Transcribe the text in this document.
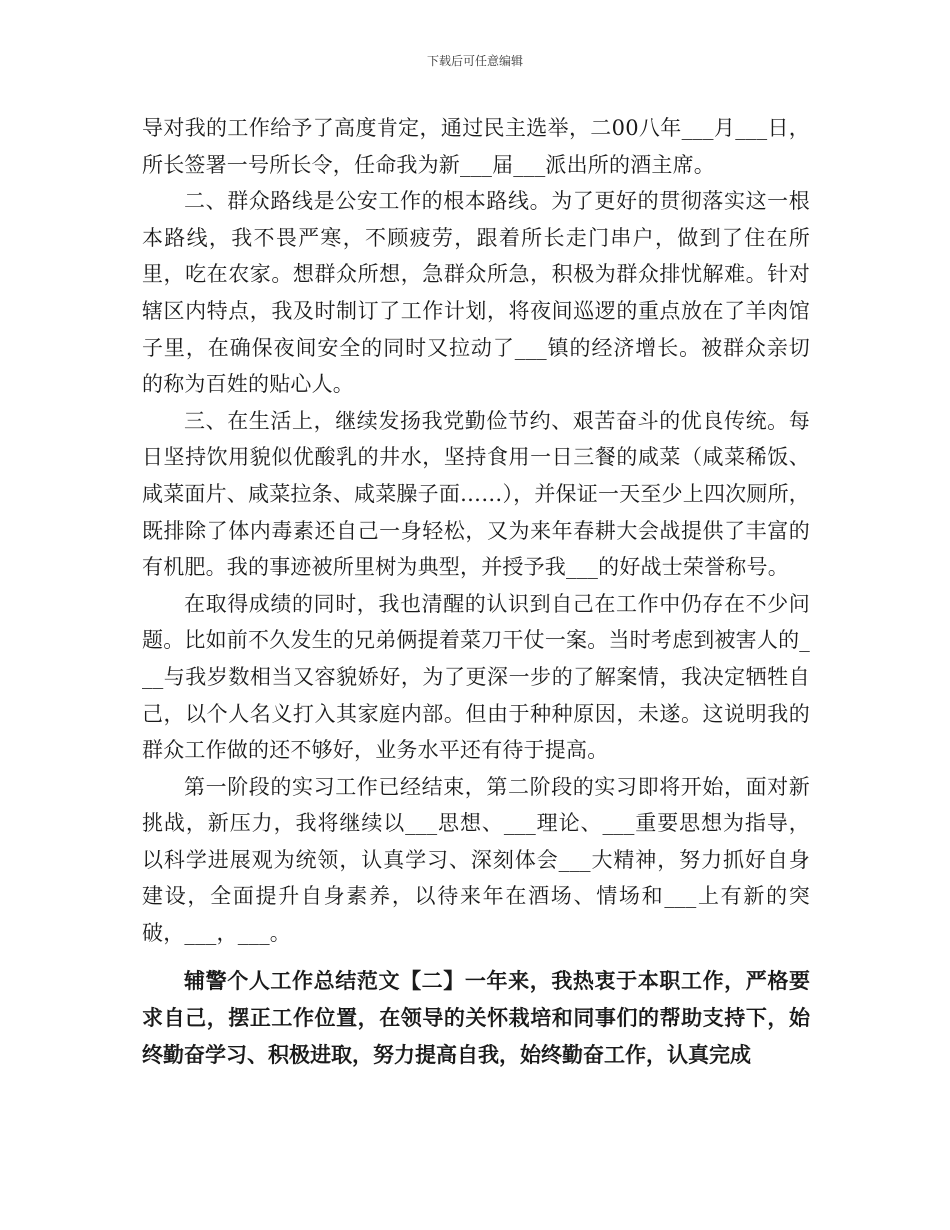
下载后可任意编辑

导对我的工作给予了高度肯定，通过民主选举，二00八年___月___日，所长签署一号所长令，任命我为新___届___派出所的酒主席。

二、群众路线是公安工作的根本路线。为了更好的贯彻落实这一根本路线，我不畏严寒，不顾疲劳，跟着所长走门串户，做到了住在所里，吃在农家。想群众所想，急群众所急，积极为群众排忧解难。针对辖区内特点，我及时制订了工作计划，将夜间巡逻的重点放在了羊肉馆子里，在确保夜间安全的同时又拉动了___镇的经济增长。被群众亲切的称为百姓的贴心人。

三、在生活上，继续发扬我党勤俭节约、艰苦奋斗的优良传统。每日坚持饮用貌似优酸乳的井水，坚持食用一日三餐的咸菜（咸菜稀饭、咸菜面片、咸菜拉条、咸菜臊子面……），并保证一天至少上四次厕所，既排除了体内毒素还自己一身轻松，又为来年春耕大会战提供了丰富的有机肥。我的事迹被所里树为典型，并授予我___的好战士荣誉称号。

在取得成绩的同时，我也清醒的认识到自己在工作中仍存在不少问题。比如前不久发生的兄弟俩提着菜刀干仗一案。当时考虑到被害人的___与我岁数相当又容貌娇好，为了更深一步的了解案情，我决定牺牲自己，以个人名义打入其家庭内部。但由于种种原因，未遂。这说明我的群众工作做的还不够好，业务水平还有待于提高。

第一阶段的实习工作已经结束，第二阶段的实习即将开始，面对新挑战，新压力，我将继续以___思想、___理论、___重要思想为指导，以科学进展观为统领，认真学习、深刻体会___大精神，努力抓好自身建设，全面提升自身素养，以待来年在酒场、情场和___上有新的突破，___，___。

辅警个人工作总结范文【二】一年来，我热衷于本职工作，严格要求自己，摆正工作位置，在领导的关怀栽培和同事们的帮助支持下，始终勤奋学习、积极进取，努力提高自我，始终勤奋工作，认真完成
